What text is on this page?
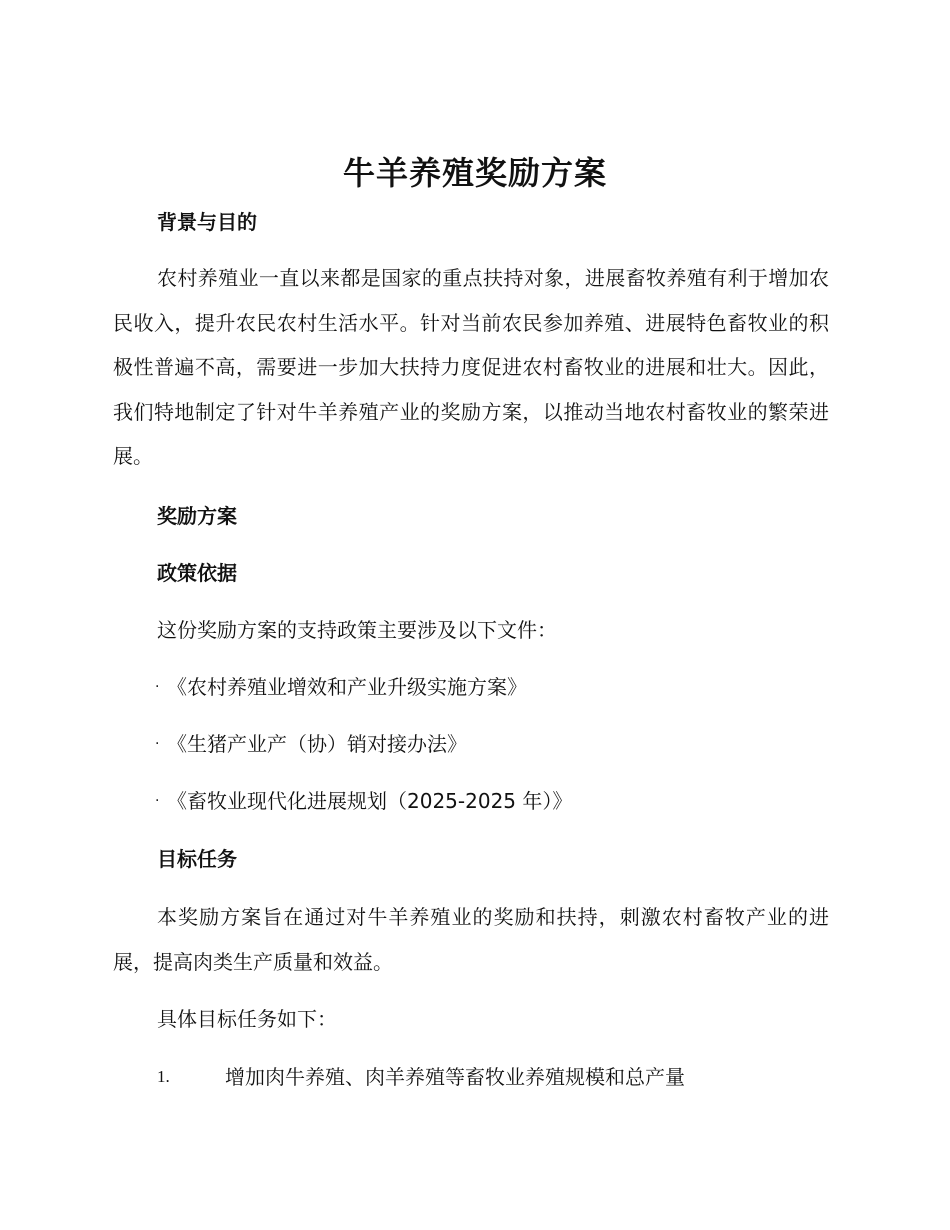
牛羊养殖奖励方案
背景与目的

农村养殖业一直以来都是国家的重点扶持对象，进展畜牧养殖有利于增加农民收入，提升农民农村生活水平。针对当前农民参加养殖、进展特色畜牧业的积极性普遍不高，需要进一步加大扶持力度促进农村畜牧业的进展和壮大。因此，我们特地制定了针对牛羊养殖产业的奖励方案，以推动当地农村畜牧业的繁荣进展。

奖励方案
政策依据

这份奖励方案的支持政策主要涉及以下文件：

· 《农村养殖业增效和产业升级实施方案》
· 《生猪产业产（协）销对接办法》
· 《畜牧业现代化进展规划（2025-2025 年）》
目标任务

本奖励方案旨在通过对牛羊养殖业的奖励和扶持，刺激农村畜牧产业的进展，提高肉类生产质量和效益。

具体目标任务如下：

1.	增加肉牛养殖、肉羊养殖等畜牧业养殖规模和总产量
